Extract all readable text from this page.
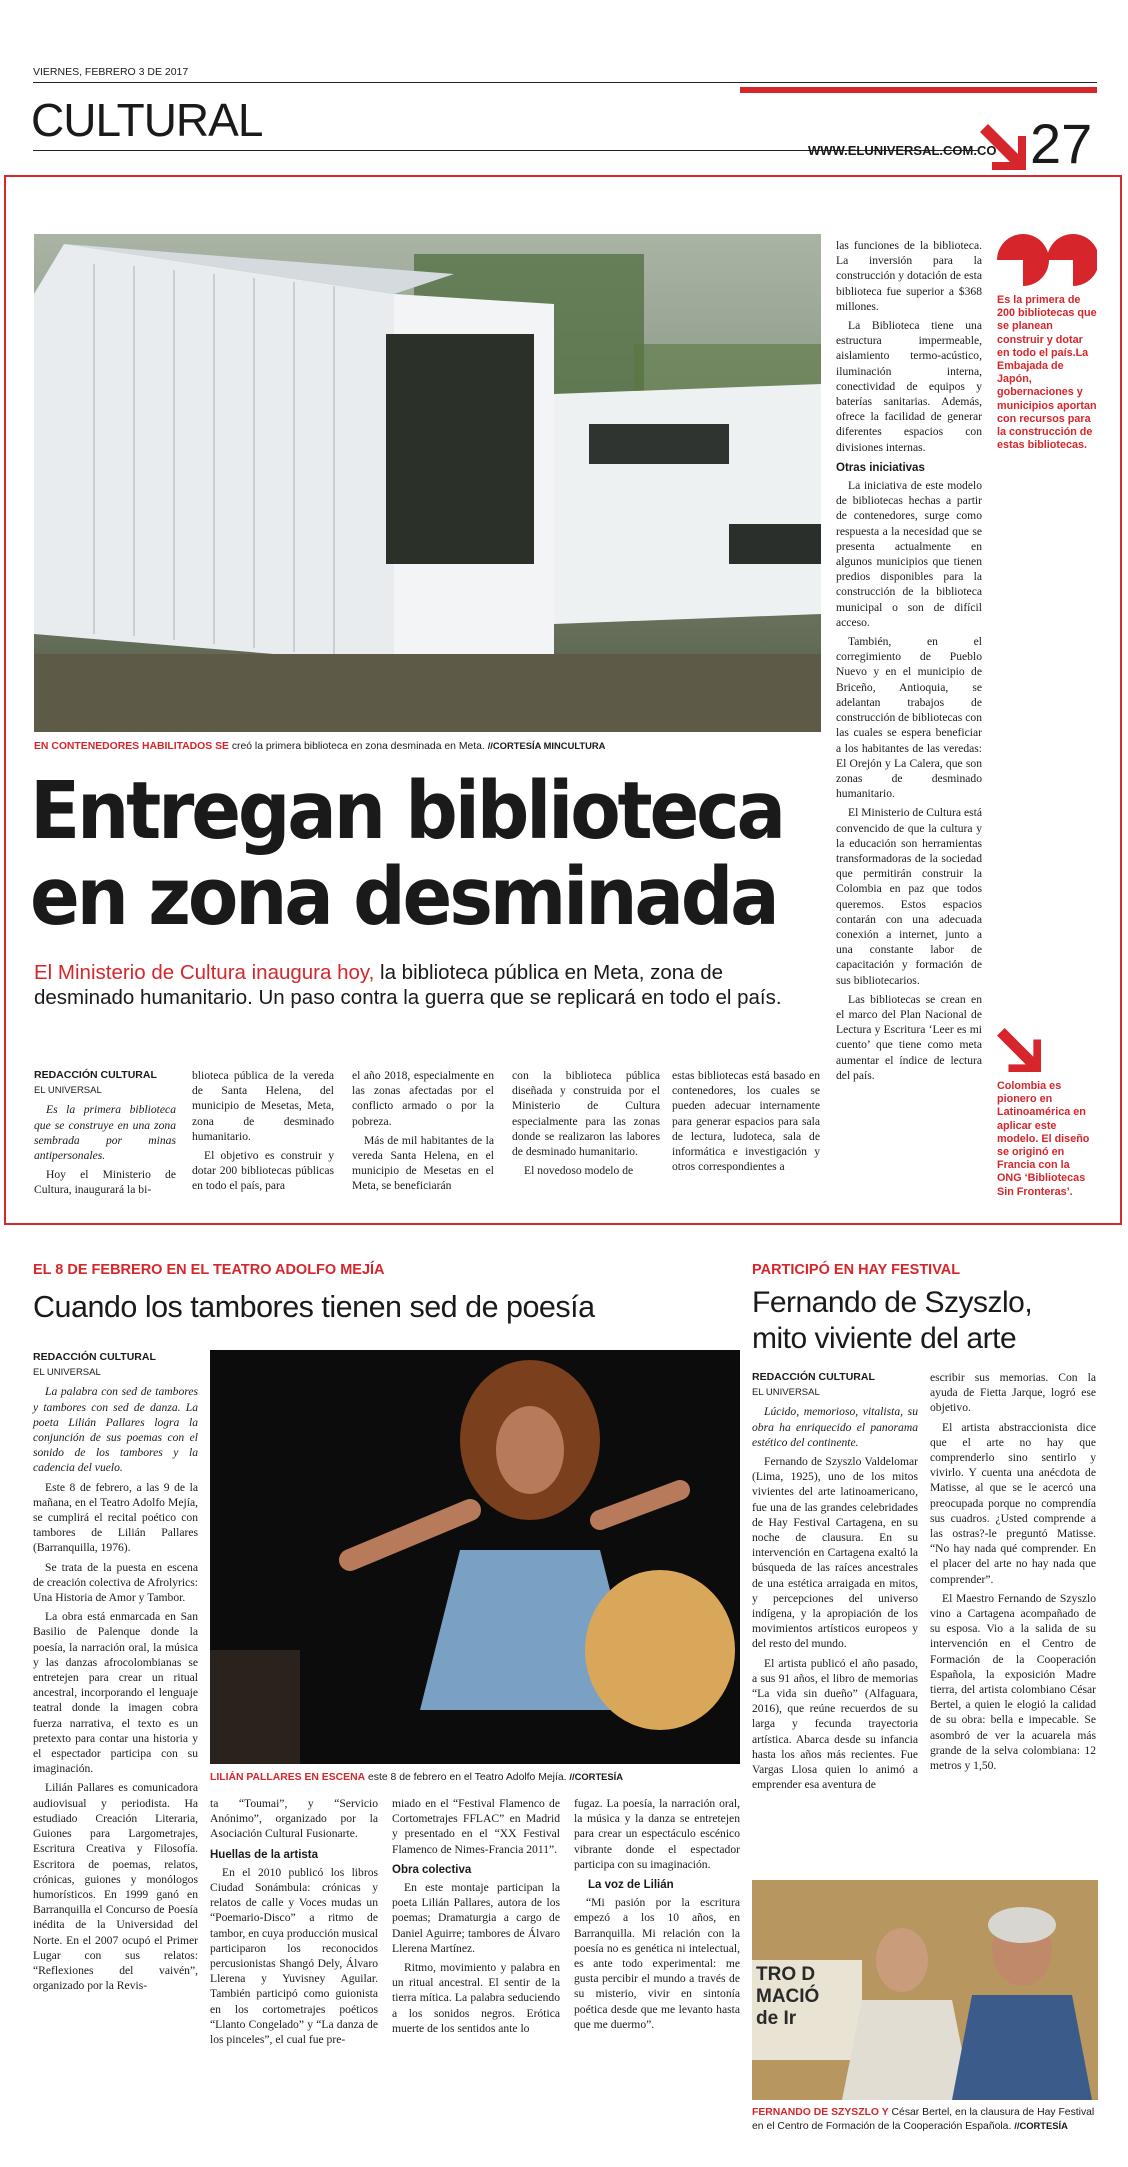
VIERNES, FEBRERO 3 DE 2017
CULTURAL
WWW.ELUNIVERSAL.COM.CO 27
EN CONTENEDORES HABILITADOS SE creó la primera biblioteca en zona desminada en Meta. //CORTESÍA MINCULTURA
Entregan biblioteca
en zona desminada
El Ministerio de Cultura inaugura hoy, la biblioteca pública en Meta, zona de desminado humanitario. Un paso contra la guerra que se replicará en todo el país.
REDACCIÓN CULTURAL
EL UNIVERSAL

Es la primera biblioteca que se construye en una zona sembrada por minas antipersonales.

Hoy el Ministerio de Cultura, inaugurará la bi-

blioteca pública de la vereda de Santa Helena, del municipio de Mesetas, Meta, zona de desminado humanitario.

El objetivo es construir y dotar 200 bibliotecas públicas en todo el país, para

el año 2018, especialmente en las zonas afectadas por el conflicto armado o por la pobreza.

Más de mil habitantes de la vereda Santa Helena, en el municipio de Mesetas en el Meta, se beneficiarán

con la biblioteca pública diseñada y construida por el Ministerio de Cultura especialmente para las zonas donde se realizaron las labores de desminado humanitario.

El novedoso modelo de

estas bibliotecas está basado en contenedores, los cuales se pueden adecuar internamente para generar espacios para sala de lectura, ludoteca, sala de informática e investigación y otros correspondientes a

las funciones de la biblioteca. La inversión para la construcción y dotación de esta biblioteca fue superior a $368 millones.

La Biblioteca tiene una estructura impermeable, aislamiento termo-acústico, iluminación interna, conectividad de equipos y baterías sanitarias. Además, ofrece la facilidad de generar diferentes espacios con divisiones internas.

Otras iniciativas

La iniciativa de este modelo de bibliotecas hechas a partir de contenedores, surge como respuesta a la necesidad que se presenta actualmente en algunos municipios que tienen predios disponibles para la construcción de la biblioteca municipal o son de difícil acceso.

También, en el corregimiento de Pueblo Nuevo y en el municipio de Briceño, Antioquia, se adelantan trabajos de construcción de bibliotecas con las cuales se espera beneficiar a los habitantes de las veredas: El Orejón y La Calera, que son zonas de desminado humanitario.

El Ministerio de Cultura está convencido de que la cultura y la educación son herramientas transformadoras de la sociedad que permitirán construir la Colombia en paz que todos queremos. Estos espacios contarán con una adecuada conexión a internet, junto a una constante labor de capacitación y formación de sus bibliotecarios.

Las bibliotecas se crean en el marco del Plan Nacional de Lectura y Escritura ‘Leer es mi cuento’ que tiene como meta aumentar el índice de lectura del país.

Es la primera de 200 bibliotecas que se planean construir y dotar en todo el país.La Embajada de Japón, gobernaciones y municipios aportan con recursos para la construcción de estas bibliotecas.
Colombia es pionero en Latinoamérica en aplicar este modelo. El diseño se originó en Francia con la ONG ‘Bibliotecas Sin Fronteras’.
EL 8 DE FEBRERO EN EL TEATRO ADOLFO MEJÍA
Cuando los tambores tienen sed de poesía
REDACCIÓN CULTURAL
EL UNIVERSAL

La palabra con sed de tambores y tambores con sed de danza. La poeta Lilián Pallares logra la conjunción de sus poemas con el sonido de los tambores y la cadencia del vuelo.

Este 8 de febrero, a las 9 de la mañana, en el Teatro Adolfo Mejía, se cumplirá el recital poético con tambores de Lilián Pallares (Barranquilla, 1976).

Se trata de la puesta en escena de creación colectiva de Afrolyrics: Una Historia de Amor y Tambor.

La obra está enmarcada en San Basilio de Palenque donde la poesía, la narración oral, la música y las danzas afrocolombianas se entretejen para crear un ritual ancestral, incorporando el lenguaje teatral donde la imagen cobra fuerza narrativa, el texto es un pretexto para contar una historia y el espectador participa con su imaginación.

Lilián Pallares es comunicadora audiovisual y periodista. Ha estudiado Creación Literaria, Guiones para Largometrajes, Escritura Creativa y Filosofía. Escritora de poemas, relatos, crónicas, guiones y monólogos humorísticos. En 1999 ganó en Barranquilla el Concurso de Poesía inédita de la Universidad del Norte. En el 2007 ocupó el Primer Lugar con sus relatos: “Reflexiones del vaivén”, organizado por la Revis-

LILIÁN PALLARES EN ESCENA este 8 de febrero en el Teatro Adolfo Mejía. //CORTESÍA

ta “Toumai”, y “Servicio Anónimo”, organizado por la Asociación Cultural Fusionarte.

Huellas de la artista

En el 2010 publicó los libros Ciudad Sonámbula: crónicas y relatos de calle y Voces mudas un “Poemario-Disco” a ritmo de tambor, en cuya producción musical participaron los reconocidos percusionistas Shangó Dely, Álvaro Llerena y Yuvisney Aguilar. También participó como guionista en los cortometrajes poéticos “Llanto Congelado” y “La danza de los pinceles”, el cual fue pre-

miado en el “Festival Flamenco de Cortometrajes FFLAC” en Madrid y presentado en el “XX Festival Flamenco de Nimes-Francia 2011”.

Obra colectiva

En este montaje participan la poeta Lilián Pallares, autora de los poemas; Dramaturgia a cargo de Daniel Aguirre; tambores de Álvaro Llerena Martínez.

Ritmo, movimiento y palabra en un ritual ancestral. El sentir de la tierra mítica. La palabra seduciendo a los sonidos negros. Erótica muerte de los sentidos ante lo

fugaz. La poesía, la narración oral, la música y la danza se entretejen para crear un espectáculo escénico vibrante donde el espectador participa con su imaginación.

La voz de Lilián

“Mi pasión por la escritura empezó a los 10 años, en Barranquilla. Mi relación con la poesía no es genética ni intelectual, es ante todo experimental: me gusta percibir el mundo a través de su misterio, vivir en sintonía poética desde que me levanto hasta que me duermo”.

PARTICIPÓ EN HAY FESTIVAL
Fernando de Szyszlo,
mito viviente del arte
REDACCIÓN CULTURAL
EL UNIVERSAL

Lúcido, memorioso, vitalista, su obra ha enriquecido el panorama estético del continente.

Fernando de Szyszlo Valdelomar (Lima, 1925), uno de los mitos vivientes del arte latinoamericano, fue una de las grandes celebridades de Hay Festival Cartagena, en su noche de clausura. En su intervención en Cartagena exaltó la búsqueda de las raíces ancestrales de una estética arraigada en mitos, y percepciones del universo indígena, y la apropiación de los movimientos artísticos europeos y del resto del mundo.

El artista publicó el año pasado, a sus 91 años, el libro de memorias “La vida sin dueño” (Alfaguara, 2016), que reúne recuerdos de su larga y fecunda trayectoria artística. Abarca desde su infancia hasta los años más recientes. Fue Vargas Llosa quien lo animó a emprender esa aventura de

escribir sus memorias. Con la ayuda de Fietta Jarque, logró ese objetivo.

El artista abstraccionista dice que el arte no hay que comprenderlo sino sentirlo y vivirlo. Y cuenta una anécdota de Matisse, al que se le acercó una preocupada porque no comprendía sus cuadros. ¿Usted comprende a las ostras?-le preguntó Matisse. “No hay nada qué comprender. En el placer del arte no hay nada que comprender”.

El Maestro Fernando de Szyszlo vino a Cartagena acompañado de su esposa. Vio a la salida de su intervención en el Centro de Formación de la Cooperación Española, la exposición Madre tierra, del artista colombiano César Bertel, a quien le elogió la calidad de su obra: bella e impecable. Se asombró de ver la acuarela más grande de la selva colombiana: 12 metros y 1,50.

TRO D
MACIÓ
de Ir
FERNANDO DE SZYSZLO Y César Bertel, en la clausura de Hay Festival en el Centro de Formación de la Cooperación Española. //CORTESÍA
